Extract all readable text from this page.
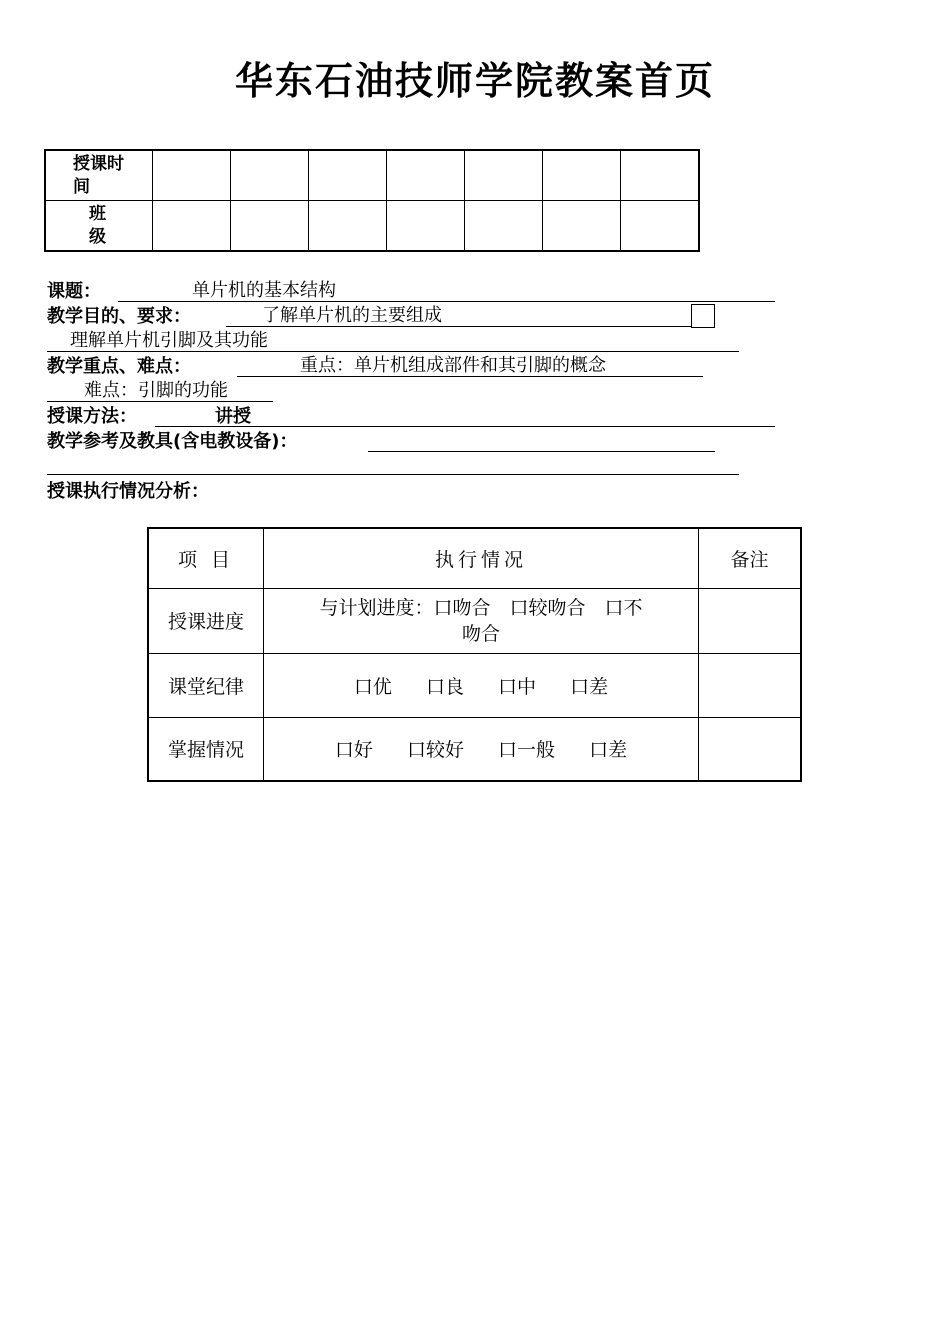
华东石油技师学院教案首页
授课时间							
班级							
课题：	单片机的基本结构
教学目的、要求：	了解单片机的主要组成
理解单片机引脚及其功能
教学重点、难点：	重点：单片机组成部件和其引脚的概念
难点：引脚的功能
授课方法：	讲授
教学参考及教具(含电教设备)：
授课执行情况分析：
项 目	执行情况	备注
授课进度	与计划进度：口吻合　口较吻合　口不
吻合	

课堂纪律	口优 口良 口中 口差	
掌握情况	口好 口较好 口一般 口差	
